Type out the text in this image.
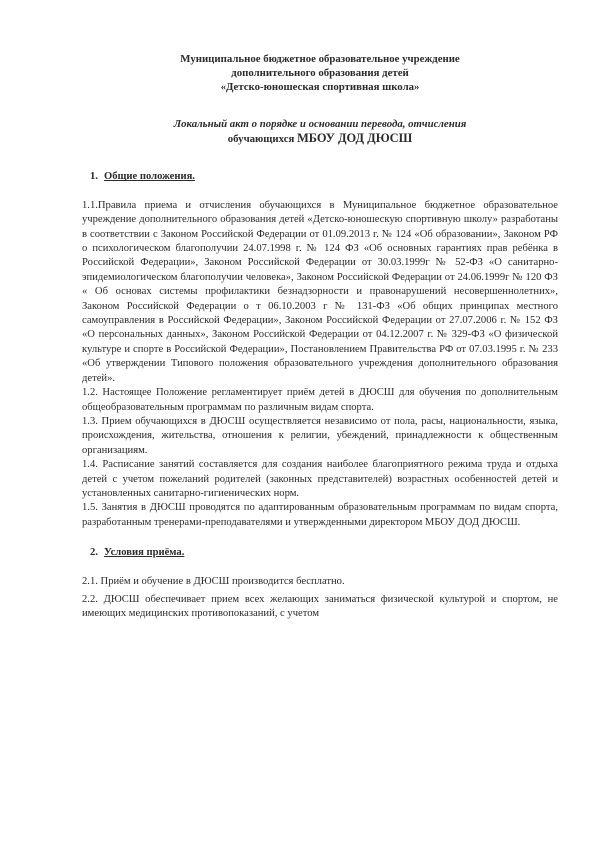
Муниципальное бюджетное образовательное учреждение
дополнительного образования детей
«Детско-юношеская спортивная школа»
Локальный акт о порядке и основании перевода, отчисления
обучающихся МБОУ ДОД ДЮСШ
1. Общие положения.

1.1.Правила приема и отчисления обучающихся в Муниципальное бюджетное образовательное учреждение дополнительного образования детей «Детско-юношескую спортивную школу» разработаны в соответствии с Законом Российской Федерации от 01.09.2013 г. № 124 «Об образовании», Законом РФ о психологическом благополучии 24.07.1998 г. № 124 ФЗ «Об основных гарантиях прав ребёнка в Российской Федерации», Законом Российской Федерации от 30.03.1999г № 52-ФЗ «О санитарно-эпидемиологическом благополучии человека», Законом Российской Федерации от 24.06.1999г № 120 ФЗ « Об основах системы профилактики безнадзорности и правонарушений несовершеннолетних», Законом Российской Федерации о т 06.10.2003 г № 131-ФЗ «Об общих принципах местного самоуправления в Российской Федерации», Законом Российской Федерации от 27.07.2006 г. № 152 ФЗ «О персональных данных», Законом Российской Федерации от 04.12.2007 г. № 329-ФЗ «О физической культуре и спорте в Российской Федерации», Постановлением Правительства РФ от 07.03.1995 г. № 233 «Об утверждении Типового положения образовательного учреждения дополнительного образования детей».

1.2. Настоящее Положение регламентирует приём детей в ДЮСШ для обучения по дополнительным общеобразовательным программам по различным видам спорта.

1.3. Прием обучающихся в ДЮСШ осуществляется независимо от пола, расы, национальности, языка, происхождения, жительства, отношения к религии, убеждений, принадлежности к общественным организациям.

1.4. Расписание занятий составляется для создания наиболее благоприятного режима труда и отдыха детей с учетом пожеланий родителей (законных представителей) возрастных особенностей детей и установленных санитарно-гигиенических норм.

1.5. Занятия в ДЮСШ проводятся по адаптированным образовательным программам по видам спорта, разработанным тренерами-преподавателями и утвержденными директором МБОУ ДОД ДЮСШ.

2. Условия приёма.

2.1. Приём и обучение в ДЮСШ производится бесплатно.

2.2. ДЮСШ обеспечивает прием всех желающих заниматься физической культурой и спортом, не имеющих медицинских противопоказаний, с учетом
